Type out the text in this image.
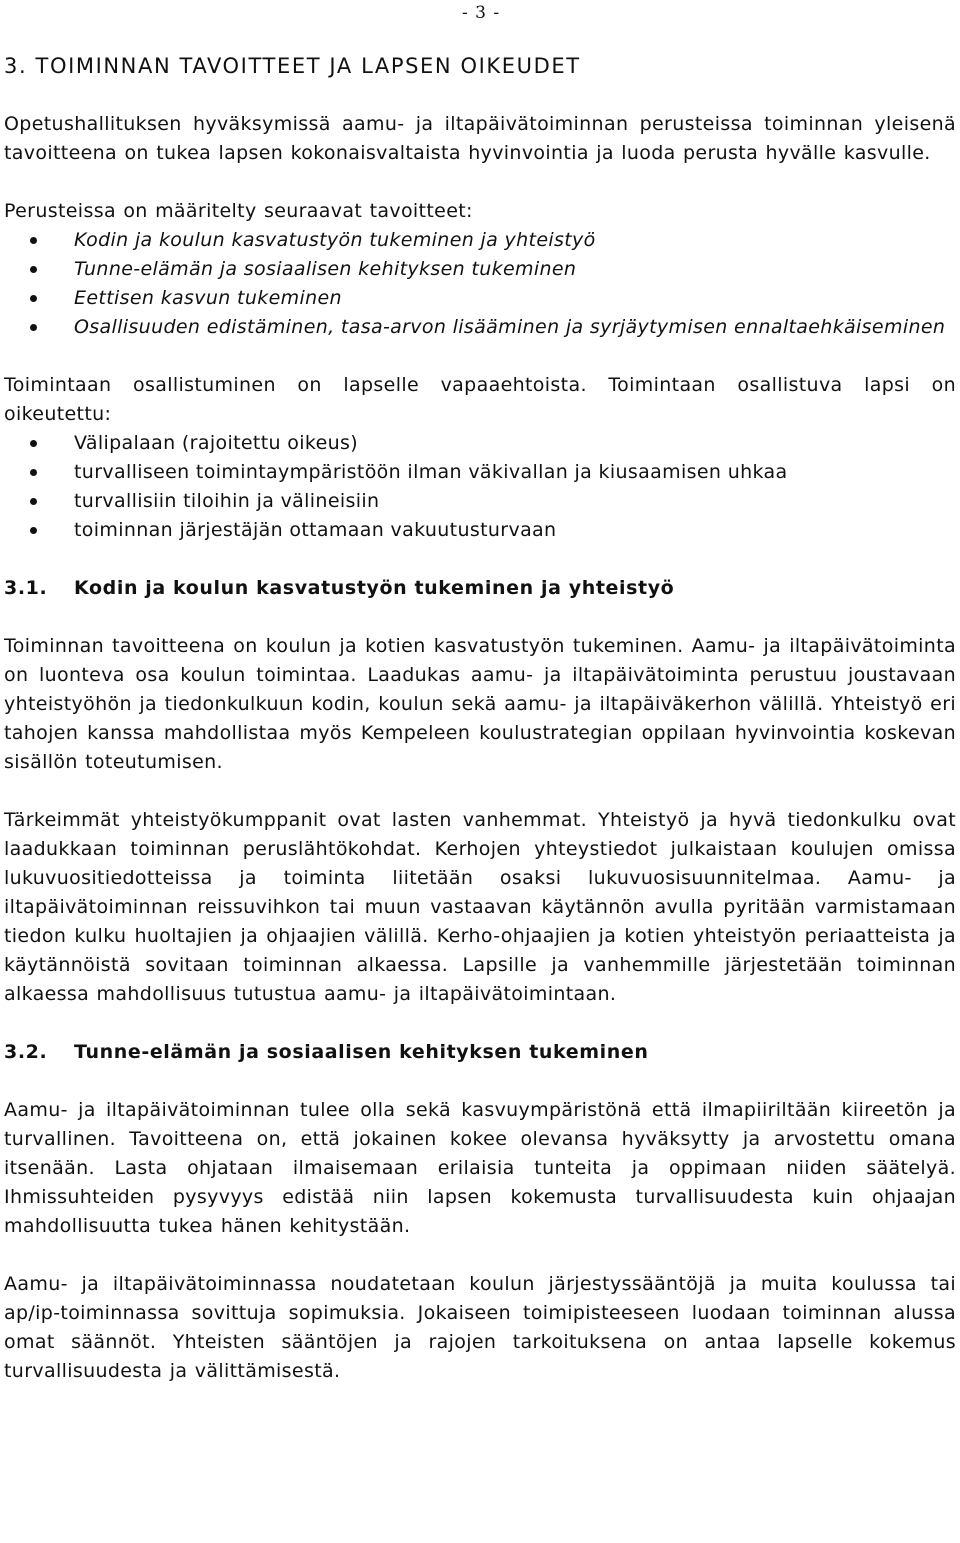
- 3 -
3. TOIMINNAN TAVOITTEET JA LAPSEN OIKEUDET

Opetushallituksen hyväksymissä aamu- ja iltapäivätoiminnan perusteissa toiminnan yleisenä tavoitteena on tukea lapsen kokonaisvaltaista hyvinvointia ja luoda perusta hyvälle kasvulle.

Perusteissa on määritelty seuraavat tavoitteet:

Kodin ja koulun kasvatustyön tukeminen ja yhteistyö
Tunne-elämän ja sosiaalisen kehityksen tukeminen
Eettisen kasvun tukeminen
Osallisuuden edistäminen, tasa-arvon lisääminen ja syrjäytymisen ennaltaehkäiseminen

Toimintaan osallistuminen on lapselle vapaaehtoista. Toimintaan osallistuva lapsi on oikeutettu:

Välipalaan (rajoitettu oikeus)
turvalliseen toimintaympäristöön ilman väkivallan ja kiusaamisen uhkaa
turvallisiin tiloihin ja välineisiin
toiminnan järjestäjän ottamaan vakuutusturvaan
3.1.	Kodin ja koulun kasvatustyön tukeminen ja yhteistyö

Toiminnan tavoitteena on koulun ja kotien kasvatustyön tukeminen. Aamu- ja iltapäivätoiminta on luonteva osa koulun toimintaa. Laadukas aamu- ja iltapäivätoiminta perustuu joustavaan yhteistyöhön ja tiedonkulkuun kodin, koulun sekä aamu- ja iltapäiväkerhon välillä. Yhteistyö eri tahojen kanssa mahdollistaa myös Kempeleen koulustrategian oppilaan hyvinvointia koskevan sisällön toteutumisen.

Tärkeimmät yhteistyökumppanit ovat lasten vanhemmat. Yhteistyö ja hyvä tiedonkulku ovat laadukkaan toiminnan peruslähtökohdat. Kerhojen yhteystiedot julkaistaan koulujen omissa lukuvuositiedotteissa ja toiminta liitetään osaksi lukuvuosisuunnitelmaa. Aamu- ja iltapäivätoiminnan reissuvihkon tai muun vastaavan käytännön avulla pyritään varmistamaan tiedon kulku huoltajien ja ohjaajien välillä. Kerho-ohjaajien ja kotien yhteistyön periaatteista ja käytännöistä sovitaan toiminnan alkaessa. Lapsille ja vanhemmille järjestetään toiminnan alkaessa mahdollisuus tutustua aamu- ja iltapäivätoimintaan.

3.2.	Tunne-elämän ja sosiaalisen kehityksen tukeminen

Aamu- ja iltapäivätoiminnan tulee olla sekä kasvuympäristönä että ilmapiiriltään kiireetön ja turvallinen. Tavoitteena on, että jokainen kokee olevansa hyväksytty ja arvostettu omana itsenään. Lasta ohjataan ilmaisemaan erilaisia tunteita ja oppimaan niiden säätelyä. Ihmissuhteiden pysyvyys edistää niin lapsen kokemusta turvallisuudesta kuin ohjaajan mahdollisuutta tukea hänen kehitystään.

Aamu- ja iltapäivätoiminnassa noudatetaan koulun järjestyssääntöjä ja muita koulussa tai ap/ip-toiminnassa sovittuja sopimuksia. Jokaiseen toimipisteeseen luodaan toiminnan alussa omat säännöt. Yhteisten sääntöjen ja rajojen tarkoituksena on antaa lapselle kokemus turvallisuudesta ja välittämisestä.
